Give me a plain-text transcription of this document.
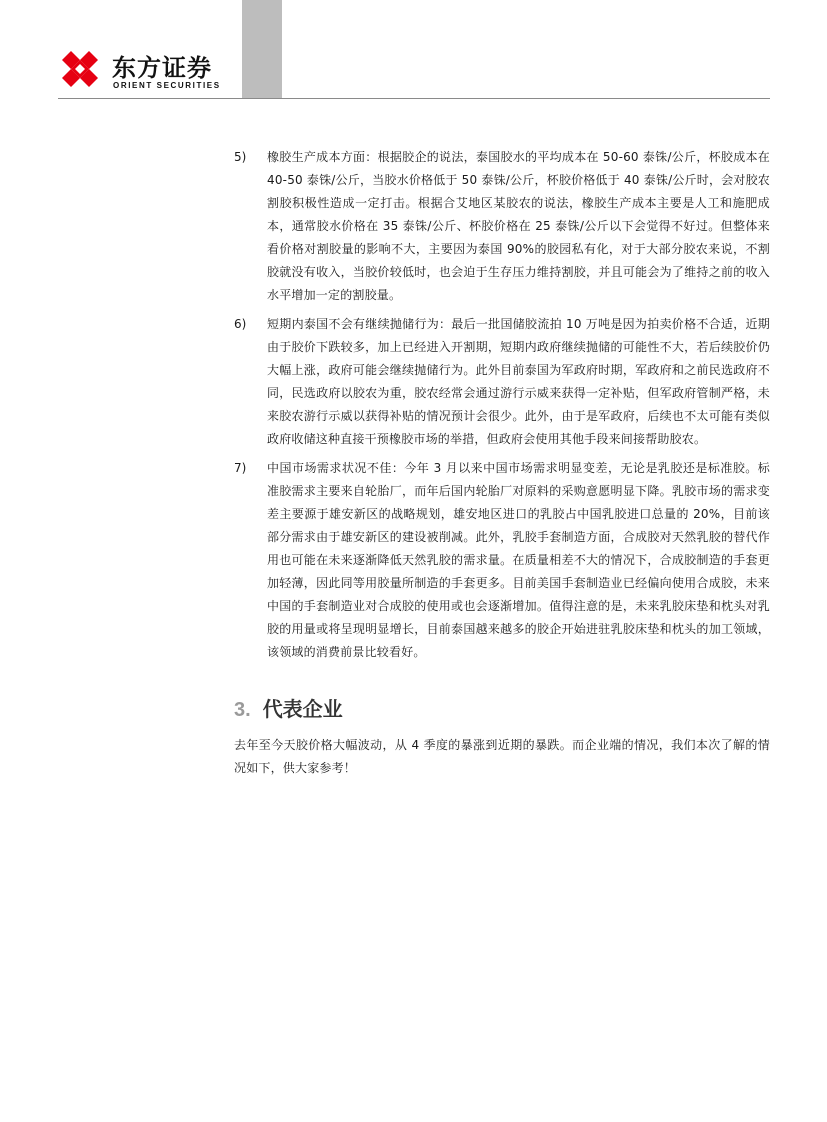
东方证券
ORIENT SECURITIES
5) 橡胶生产成本方面：根据胶企的说法，泰国胶水的平均成本在 50-60 泰铢/公斤，杯胶成本在 40-50 泰铢/公斤，当胶水价格低于 50 泰铢/公斤，杯胶价格低于 40 泰铢/公斤时，会对胶农割胶积极性造成一定打击。根据合艾地区某胶农的说法，橡胶生产成本主要是人工和施肥成本，通常胶水价格在 35 泰铢/公斤、杯胶价格在 25 泰铢/公斤以下会觉得不好过。但整体来看价格对割胶量的影响不大，主要因为泰国 90%的胶园私有化，对于大部分胶农来说，不割胶就没有收入，当胶价较低时，也会迫于生存压力维持割胶，并且可能会为了维持之前的收入水平增加一定的割胶量。
6) 短期内泰国不会有继续抛储行为：最后一批国储胶流拍 10 万吨是因为拍卖价格不合适，近期由于胶价下跌较多，加上已经进入开割期，短期内政府继续抛储的可能性不大，若后续胶价仍大幅上涨，政府可能会继续抛储行为。此外目前泰国为军政府时期，军政府和之前民选政府不同，民选政府以胶农为重，胶农经常会通过游行示威来获得一定补贴，但军政府管制严格，未来胶农游行示威以获得补贴的情况预计会很少。此外，由于是军政府，后续也不太可能有类似政府收储这种直接干预橡胶市场的举措，但政府会使用其他手段来间接帮助胶农。
7) 中国市场需求状况不佳：今年 3 月以来中国市场需求明显变差，无论是乳胶还是标准胶。标准胶需求主要来自轮胎厂，而年后国内轮胎厂对原料的采购意愿明显下降。乳胶市场的需求变差主要源于雄安新区的战略规划，雄安地区进口的乳胶占中国乳胶进口总量的 20%，目前该部分需求由于雄安新区的建设被削减。此外，乳胶手套制造方面，合成胶对天然乳胶的替代作用也可能在未来逐渐降低天然乳胶的需求量。在质量相差不大的情况下，合成胶制造的手套更加轻薄，因此同等用胶量所制造的手套更多。目前美国手套制造业已经偏向使用合成胶，未来中国的手套制造业对合成胶的使用或也会逐渐增加。值得注意的是，未来乳胶床垫和枕头对乳胶的用量或将呈现明显增长，目前泰国越来越多的胶企开始进驻乳胶床垫和枕头的加工领域，该领域的消费前景比较看好。
3. 代表企业
去年至今天胶价格大幅波动，从 4 季度的暴涨到近期的暴跌。而企业端的情况，我们本次了解的情况如下，供大家参考！
